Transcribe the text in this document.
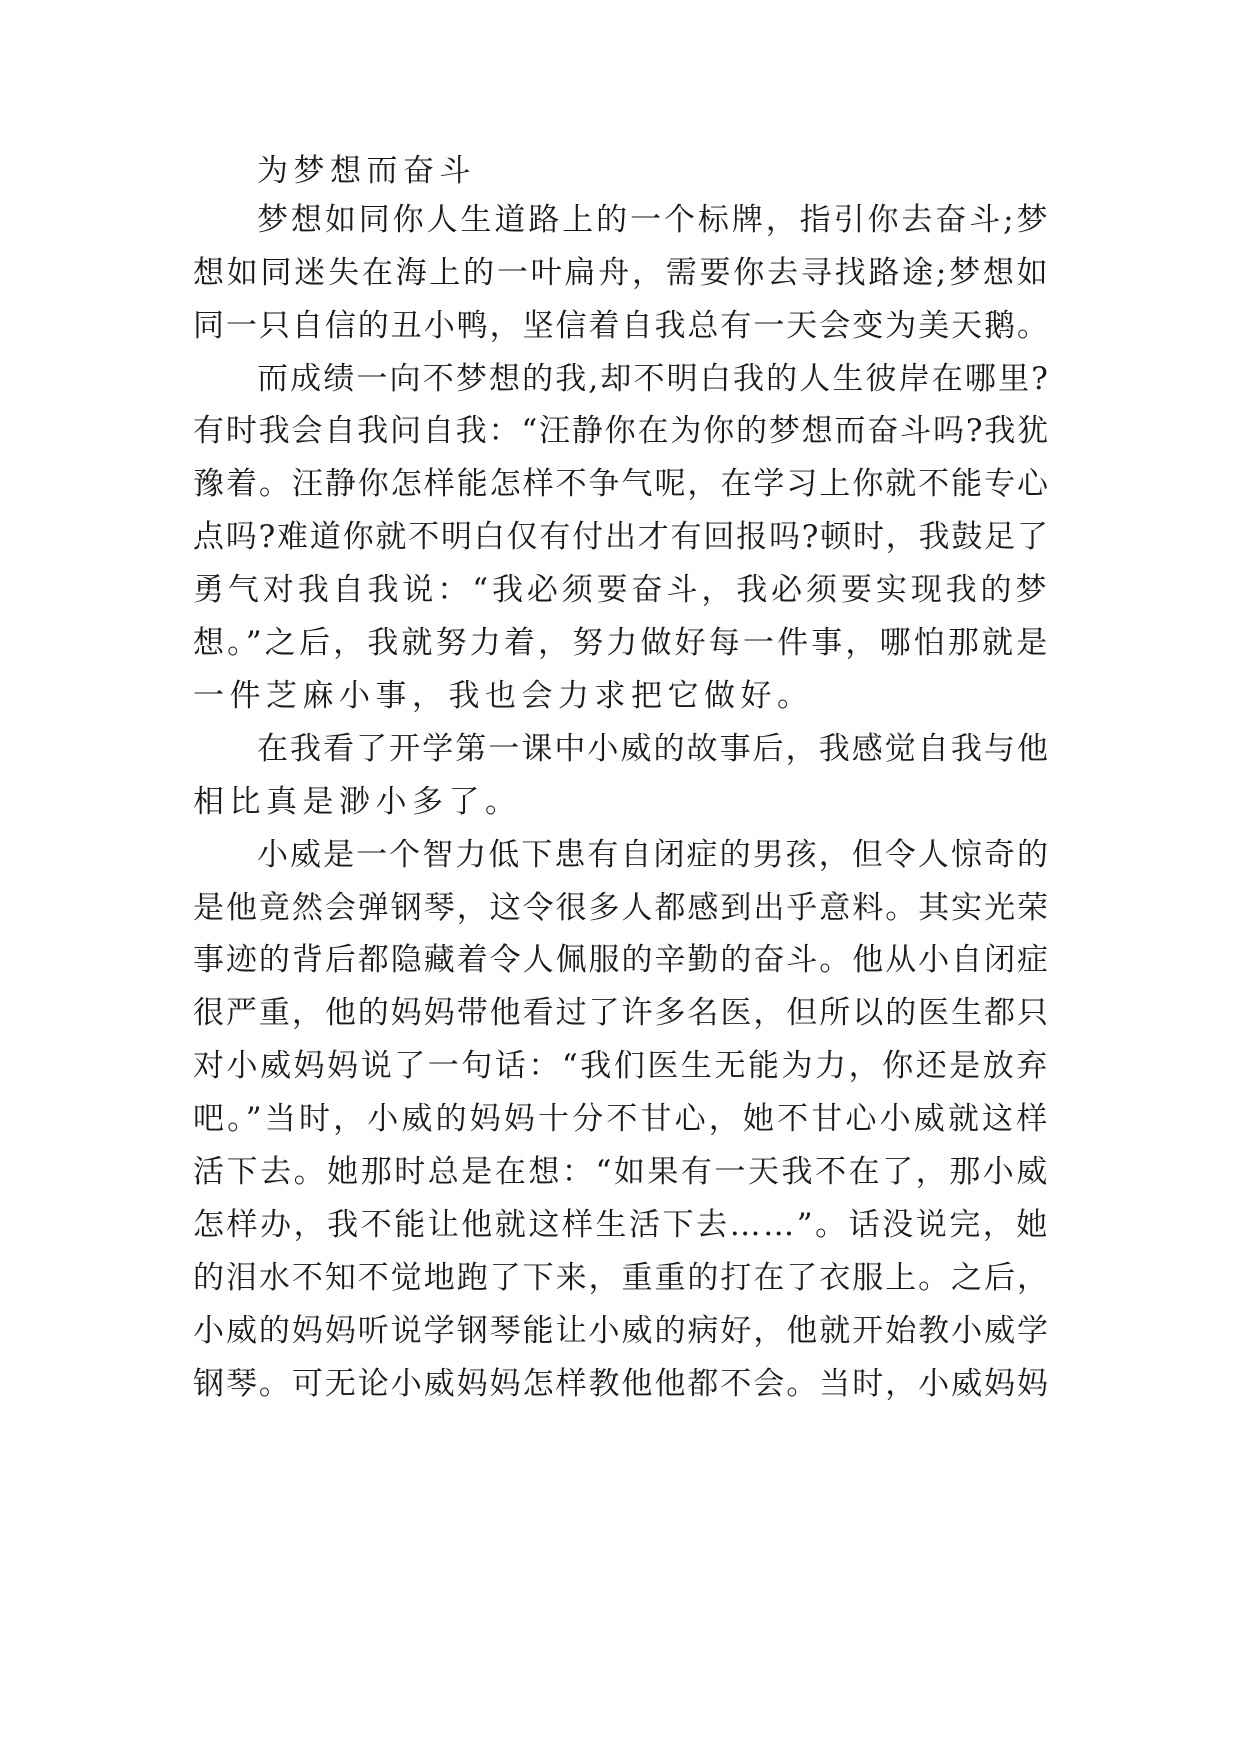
为梦想而奋斗
梦想如同你人生道路上的一个标牌，指引你去奋斗;梦
想如同迷失在海上的一叶扁舟，需要你去寻找路途;梦想如
同一只自信的丑小鸭，坚信着自我总有一天会变为美天鹅。
而成绩一向不梦想的我,却不明白我的人生彼岸在哪里?
有时我会自我问自我：“汪静你在为你的梦想而奋斗吗?我犹
豫着。汪静你怎样能怎样不争气呢，在学习上你就不能专心
点吗?难道你就不明白仅有付出才有回报吗?顿时，我鼓足了
勇气对我自我说：“我必须要奋斗，我必须要实现我的梦
想。”之后，我就努力着，努力做好每一件事，哪怕那就是
一件芝麻小事，我也会力求把它做好。
在我看了开学第一课中小威的故事后，我感觉自我与他
相比真是渺小多了。
小威是一个智力低下患有自闭症的男孩，但令人惊奇的
是他竟然会弹钢琴，这令很多人都感到出乎意料。其实光荣
事迹的背后都隐藏着令人佩服的辛勤的奋斗。他从小自闭症
很严重，他的妈妈带他看过了许多名医，但所以的医生都只
对小威妈妈说了一句话：“我们医生无能为力，你还是放弃
吧。”当时，小威的妈妈十分不甘心，她不甘心小威就这样
活下去。她那时总是在想：“如果有一天我不在了，那小威
怎样办，我不能让他就这样生活下去……”。话没说完，她
的泪水不知不觉地跑了下来，重重的打在了衣服上。之后，
小威的妈妈听说学钢琴能让小威的病好，他就开始教小威学
钢琴。可无论小威妈妈怎样教他他都不会。当时，小威妈妈
